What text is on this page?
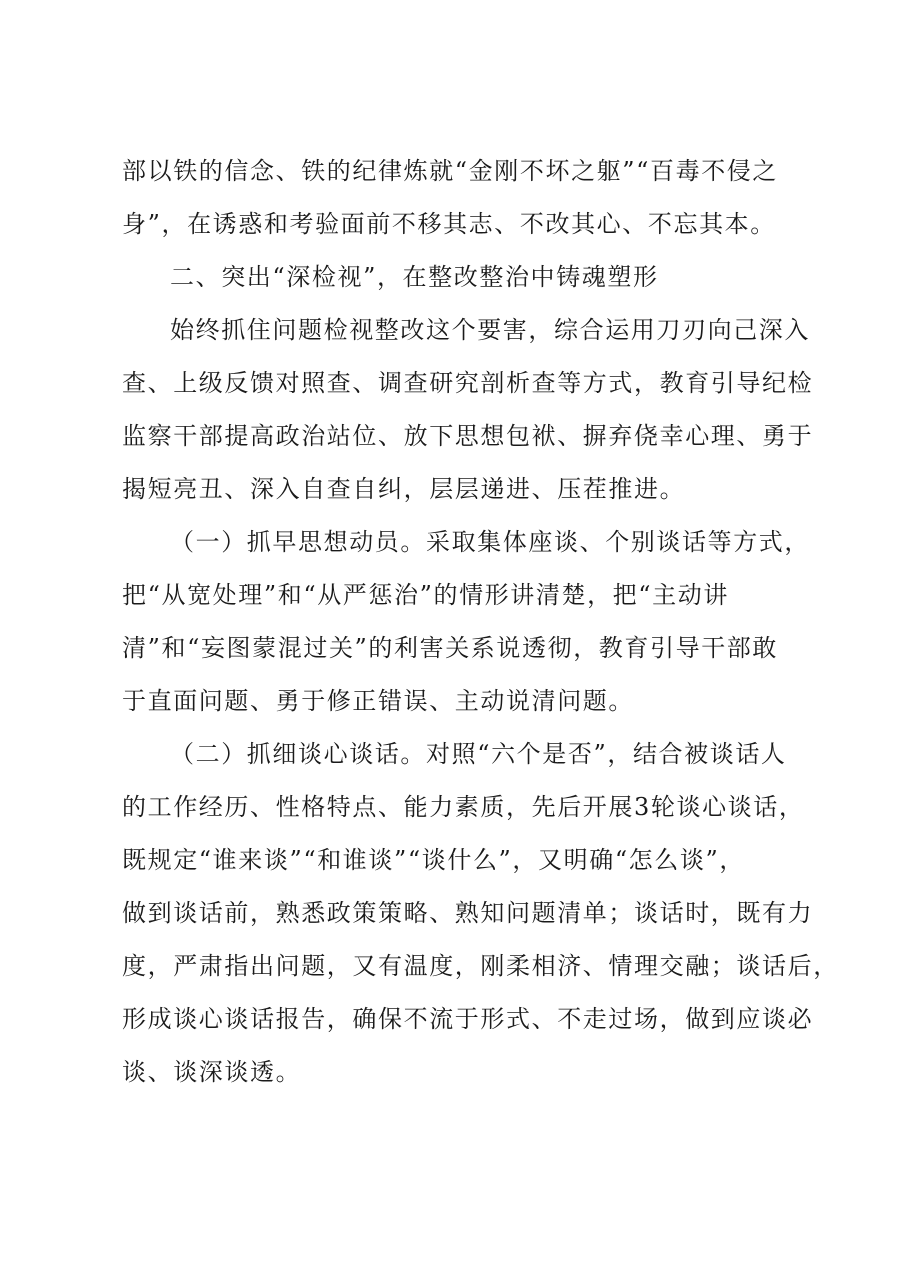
部以铁的信念、铁的纪律炼就“金刚不坏之躯”“百毒不侵之
身”，在诱惑和考验面前不移其志、不改其心、不忘其本。
二、突出“深检视”，在整改整治中铸魂塑形
始终抓住问题检视整改这个要害，综合运用刀刃向己深入
查、上级反馈对照查、调查研究剖析查等方式，教育引导纪检
监察干部提高政治站位、放下思想包袱、摒弃侥幸心理、勇于
揭短亮丑、深入自查自纠，层层递进、压茬推进。
（一）抓早思想动员。采取集体座谈、个别谈话等方式，
把“从宽处理”和“从严惩治”的情形讲清楚，把“主动讲
清”和“妄图蒙混过关”的利害关系说透彻，教育引导干部敢
于直面问题、勇于修正错误、主动说清问题。
（二）抓细谈心谈话。对照“六个是否”，结合被谈话人
的工作经历、性格特点、能力素质，先后开展3轮谈心谈话，
既规定“谁来谈”“和谁谈”“谈什么”，又明确“怎么谈”，
做到谈话前，熟悉政策策略、熟知问题清单；谈话时，既有力
度，严肃指出问题，又有温度，刚柔相济、情理交融；谈话后，
形成谈心谈话报告，确保不流于形式、不走过场，做到应谈必
谈、谈深谈透。
